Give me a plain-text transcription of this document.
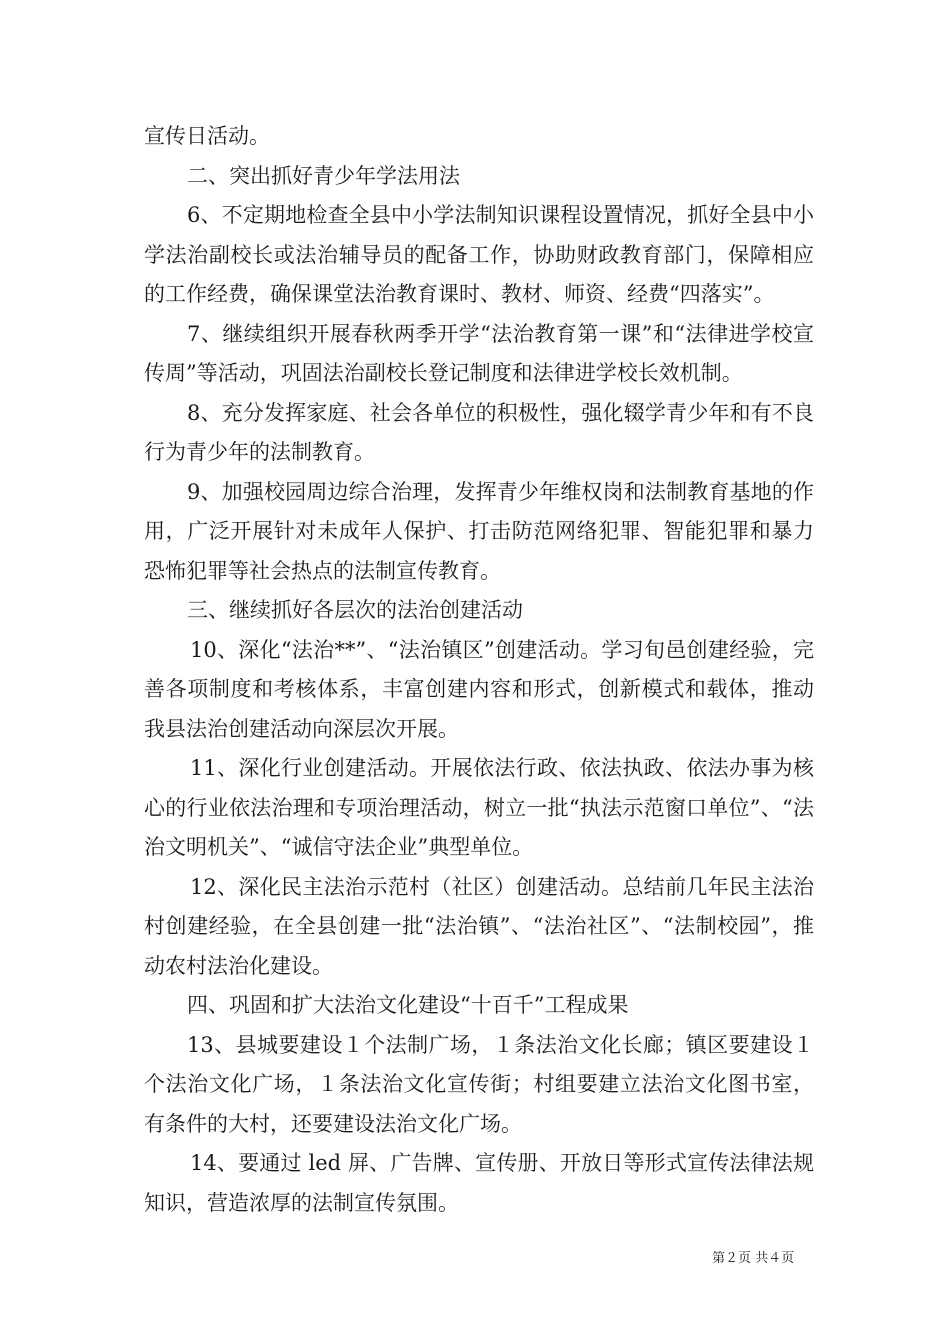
宣传日活动。

二、突出抓好青少年学法用法

6、不定期地检查全县中小学法制知识课程设置情况，抓好全县中小学法治副校长或法治辅导员的配备工作，协助财政教育部门，保障相应的工作经费，确保课堂法治教育课时、教材、师资、经费“四落实”。

7、继续组织开展春秋两季开学“法治教育第一课”和“法律进学校宣传周”等活动，巩固法治副校长登记制度和法律进学校长效机制。

8、充分发挥家庭、社会各单位的积极性，强化辍学青少年和有不良行为青少年的法制教育。

9、加强校园周边综合治理，发挥青少年维权岗和法制教育基地的作用，广泛开展针对未成年人保护、打击防范网络犯罪、智能犯罪和暴力恐怖犯罪等社会热点的法制宣传教育。

三、继续抓好各层次的法治创建活动

10、深化“法治**”、“法治镇区”创建活动。学习旬邑创建经验，完善各项制度和考核体系，丰富创建内容和形式，创新模式和载体，推动我县法治创建活动向深层次开展。

11、深化行业创建活动。开展依法行政、依法执政、依法办事为核心的行业依法治理和专项治理活动，树立一批“执法示范窗口单位”、“法治文明机关”、“诚信守法企业”典型单位。

12、深化民主法治示范村（社区）创建活动。总结前几年民主法治村创建经验，在全县创建一批“法治镇”、“法治社区”、“法制校园”，推动农村法治化建设。

四、巩固和扩大法治文化建设“十百千”工程成果

13、县城要建设１个法制广场，１条法治文化长廊；镇区要建设１个法治文化广场，１条法治文化宣传街；村组要建立法治文化图书室，有条件的大村，还要建设法治文化广场。

14、要通过 led 屏、广告牌、宣传册、开放日等形式宣传法律法规知识，营造浓厚的法制宣传氛围。

第２页 共４页
